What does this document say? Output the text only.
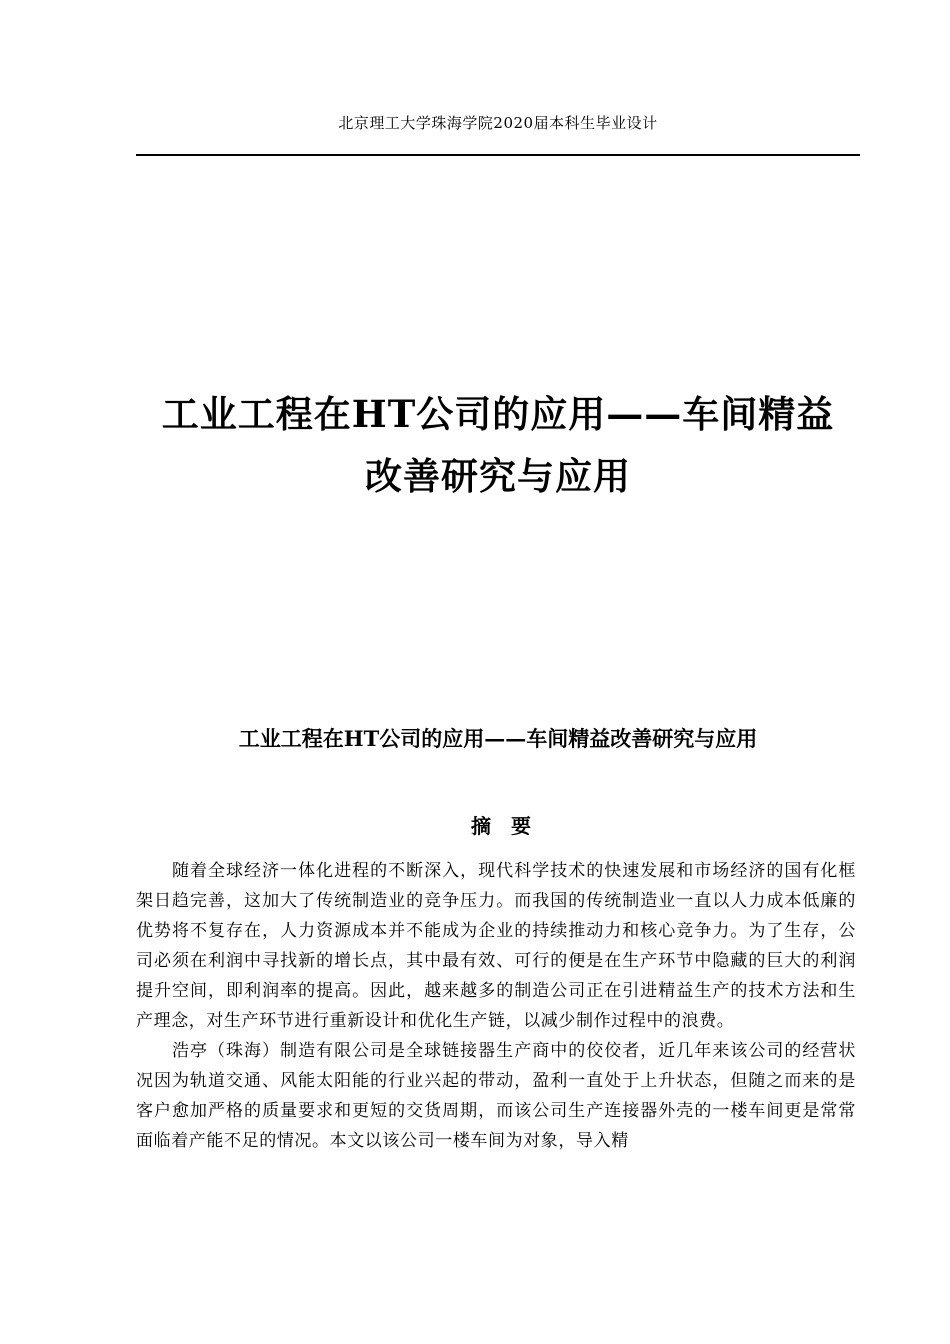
北京理工大学珠海学院2020届本科生毕业设计
工业工程在HT公司的应用——车间精益
改善研究与应用
工业工程在HT公司的应用——车间精益改善研究与应用
摘　要

随着全球经济一体化进程的不断深入，现代科学技术的快速发展和市场经济的国有化框架日趋完善，这加大了传统制造业的竞争压力。而我国的传统制造业一直以人力成本低廉的优势将不复存在，人力资源成本并不能成为企业的持续推动力和核心竞争力。为了生存，公司必须在利润中寻找新的增长点，其中最有效、可行的便是在生产环节中隐藏的巨大的利润提升空间，即利润率的提高。因此，越来越多的制造公司正在引进精益生产的技术方法和生产理念，对生产环节进行重新设计和优化生产链，以减少制作过程中的浪费。

浩亭（珠海）制造有限公司是全球链接器生产商中的佼佼者，近几年来该公司的经营状况因为轨道交通、风能太阳能的行业兴起的带动，盈利一直处于上升状态，但随之而来的是客户愈加严格的质量要求和更短的交货周期，而该公司生产连接器外壳的一楼车间更是常常面临着产能不足的情况。本文以该公司一楼车间为对象，导入精
